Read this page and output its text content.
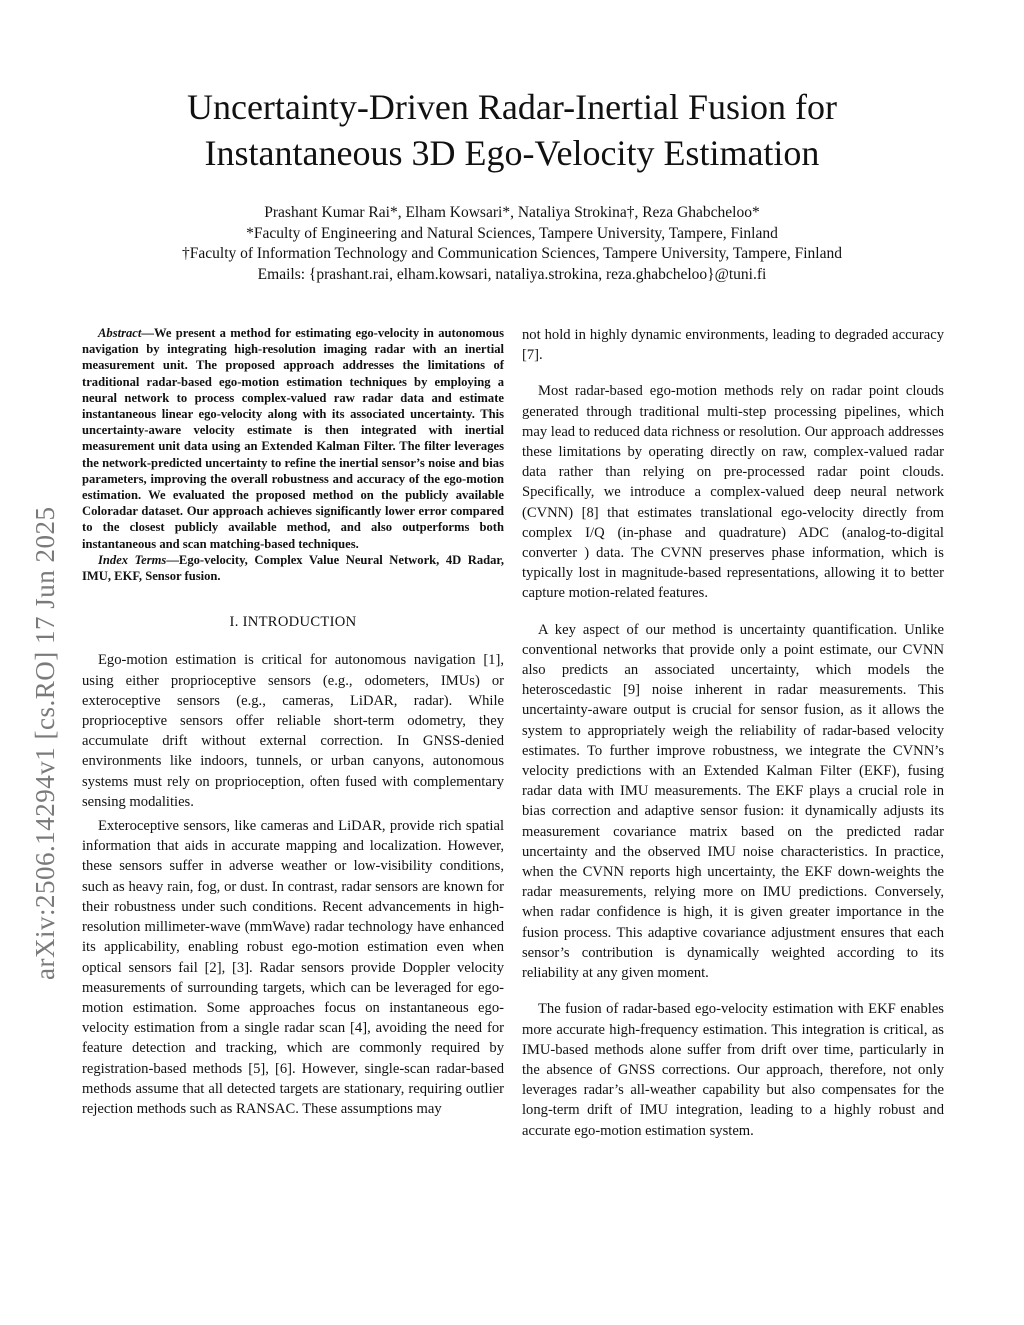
arXiv:2506.14294v1 [cs.RO] 17 Jun 2025
Uncertainty-Driven Radar-Inertial Fusion for
Instantaneous 3D Ego-Velocity Estimation
Prashant Kumar Rai*, Elham Kowsari*, Nataliya Strokina†, Reza Ghabcheloo*
*Faculty of Engineering and Natural Sciences, Tampere University, Tampere, Finland
†Faculty of Information Technology and Communication Sciences, Tampere University, Tampere, Finland
Emails: {prashant.rai, elham.kowsari, nataliya.strokina, reza.ghabcheloo}@tuni.fi

Abstract—We present a method for estimating ego-velocity in autonomous navigation by integrating high-resolution imaging radar with an inertial measurement unit. The proposed approach addresses the limitations of traditional radar-based ego-motion estimation techniques by employing a neural network to process complex-valued raw radar data and estimate instantaneous linear ego-velocity along with its associated uncertainty. This uncertainty-aware velocity estimate is then integrated with inertial measurement unit data using an Extended Kalman Filter. The filter leverages the network-predicted uncertainty to refine the inertial sensor’s noise and bias parameters, improving the overall robustness and accuracy of the ego-motion estimation. We evaluated the proposed method on the publicly available Coloradar dataset. Our approach achieves significantly lower error compared to the closest publicly available method, and also outperforms both instantaneous and scan matching-based techniques.

Index Terms—Ego-velocity, Complex Value Neural Network, 4D Radar, IMU, EKF, Sensor fusion.

I. INTRODUCTION

Ego-motion estimation is critical for autonomous navigation [1], using either proprioceptive sensors (e.g., odometers, IMUs) or exteroceptive sensors (e.g., cameras, LiDAR, radar). While proprioceptive sensors offer reliable short-term odometry, they accumulate drift without external correction. In GNSS-denied environments like indoors, tunnels, or urban canyons, autonomous systems must rely on proprioception, often fused with complementary sensing modalities.

Exteroceptive sensors, like cameras and LiDAR, provide rich spatial information that aids in accurate mapping and localization. However, these sensors suffer in adverse weather or low-visibility conditions, such as heavy rain, fog, or dust. In contrast, radar sensors are known for their robustness under such conditions. Recent advancements in high-resolution millimeter-wave (mmWave) radar technology have enhanced its applicability, enabling robust ego-motion estimation even when optical sensors fail [2], [3]. Radar sensors provide Doppler velocity measurements of surrounding targets, which can be leveraged for ego-motion estimation. Some approaches focus on instantaneous ego-velocity estimation from a single radar scan [4], avoiding the need for feature detection and tracking, which are commonly required by registration-based methods [5], [6]. However, single-scan radar-based methods assume that all detected targets are stationary, requiring outlier rejection methods such as RANSAC. These assumptions may

not hold in highly dynamic environments, leading to degraded accuracy [7].

Most radar-based ego-motion methods rely on radar point clouds generated through traditional multi-step processing pipelines, which may lead to reduced data richness or resolution. Our approach addresses these limitations by operating directly on raw, complex-valued radar data rather than relying on pre-processed radar point clouds. Specifically, we introduce a complex-valued deep neural network (CVNN) [8] that estimates translational ego-velocity directly from complex I/Q (in-phase and quadrature) ADC (analog-to-digital converter ) data. The CVNN preserves phase information, which is typically lost in magnitude-based representations, allowing it to better capture motion-related features.

A key aspect of our method is uncertainty quantification. Unlike conventional networks that provide only a point estimate, our CVNN also predicts an associated uncertainty, which models the heteroscedastic [9] noise inherent in radar measurements. This uncertainty-aware output is crucial for sensor fusion, as it allows the system to appropriately weigh the reliability of radar-based velocity estimates. To further improve robustness, we integrate the CVNN’s velocity predictions with an Extended Kalman Filter (EKF), fusing radar data with IMU measurements. The EKF plays a crucial role in bias correction and adaptive sensor fusion: it dynamically adjusts its measurement covariance matrix based on the predicted radar uncertainty and the observed IMU noise characteristics. In practice, when the CVNN reports high uncertainty, the EKF down-weights the radar measurements, relying more on IMU predictions. Conversely, when radar confidence is high, it is given greater importance in the fusion process. This adaptive covariance adjustment ensures that each sensor’s contribution is dynamically weighted according to its reliability at any given moment.

The fusion of radar-based ego-velocity estimation with EKF enables more accurate high-frequency estimation. This integration is critical, as IMU-based methods alone suffer from drift over time, particularly in the absence of GNSS corrections. Our approach, therefore, not only leverages radar’s all-weather capability but also compensates for the long-term drift of IMU integration, leading to a highly robust and accurate ego-motion estimation system.
